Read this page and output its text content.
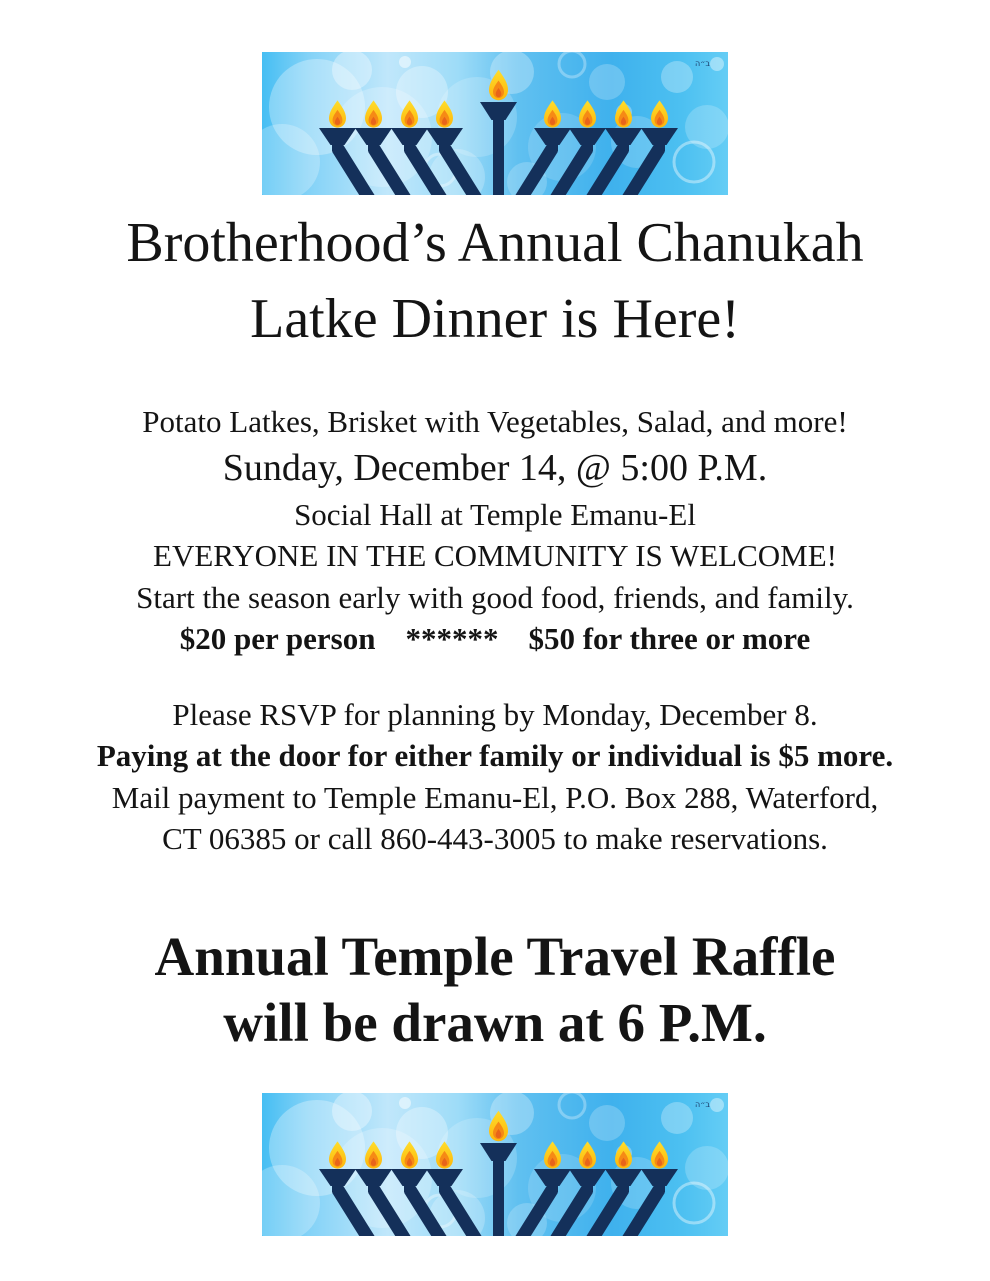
ב״ה
Brotherhood’s Annual Chanukah
Latke Dinner is Here!
Potato Latkes, Brisket with Vegetables, Salad, and more!
Sunday, December 14, @ 5:00 P.M.
Social Hall at Temple Emanu-El
EVERYONE IN THE COMMUNITY IS WELCOME!
Start the season early with good food, friends, and family.
$20 per person ****** $50 for three or more
Please RSVP for planning by Monday, December 8.
Paying at the door for either family or individual is $5 more.
Mail payment to Temple Emanu-El, P.O. Box 288, Waterford,
CT 06385 or call 860-443-3005 to make reservations.
Annual Temple Travel Raffle
will be drawn at 6 P.M.
ב״ה
